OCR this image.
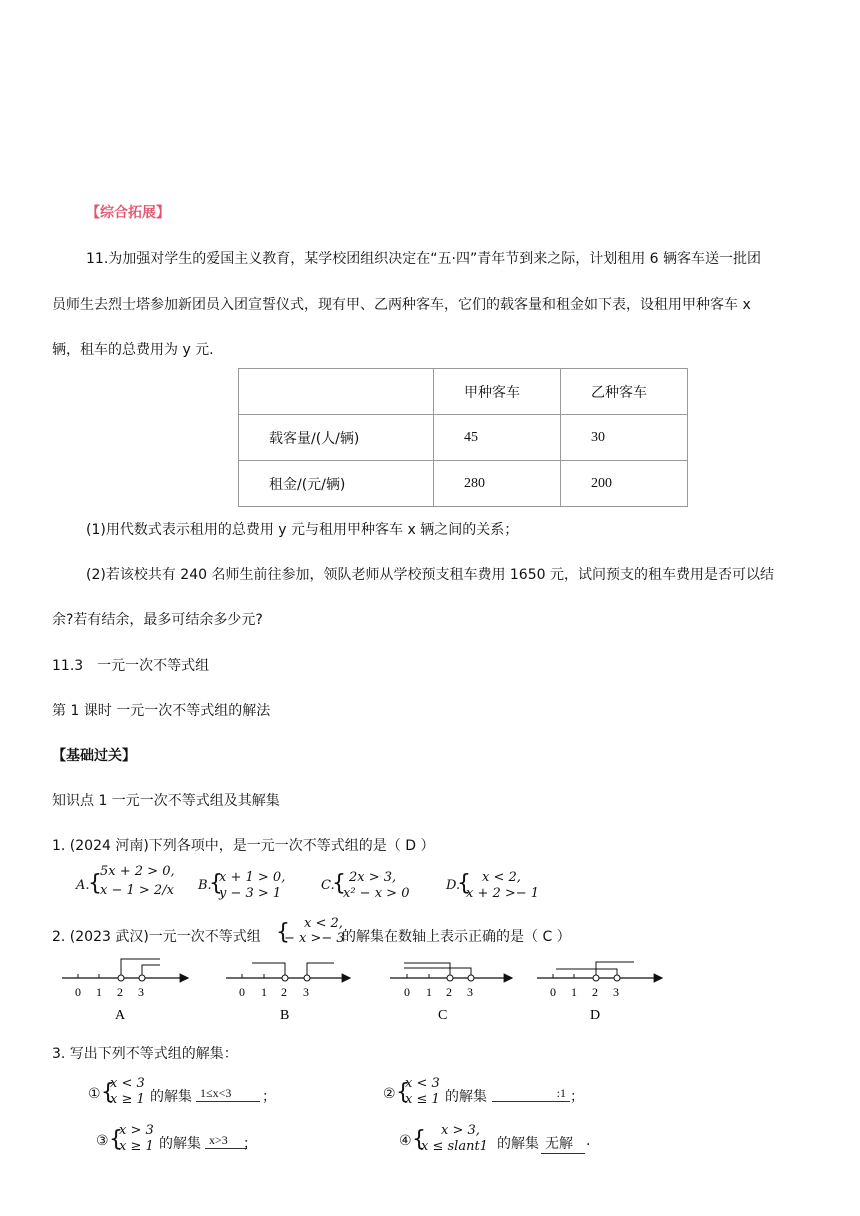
【综合拓展】
11.为加强对学生的爱国主义教育，某学校团组织决定在“五·四”青年节到来之际，计划租用 6 辆客车送一批团
员师生去烈士塔参加新团员入团宣誓仪式，现有甲、乙两种客车，它们的载客量和租金如下表，设租用甲种客车 x
辆，租车的总费用为 y 元.
	甲种客车	乙种客车
载客量/(人/辆)	45	30
租金/(元/辆)	280	200
(1)用代数式表示租用的总费用 y 元与租用甲种客车 x 辆之间的关系；
(2)若该校共有 240 名师生前往参加，领队老师从学校预支租车费用 1650 元，试问预支的租车费用是否可以结
余?若有结余，最多可结余多少元?
11.3　一元一次不等式组
第 1 课时 一元一次不等式组的解法
【基础过关】
知识点 1 一元一次不等式组及其解集
1. (2024 河南)下列各项中，是一元一次不等式组的是（ D ）
A.
{
5x + 2 > 0,
x − 1 > 2/x B.
{
x + 1 > 0,
y − 3 > 1
C.
{ 2x > 3,
x² − x > 0
D.
{ x < 2,
x + 2 >− 1
2. (2023 武汉)一元一次不等式组 { x < 2,
− x >− 3
的解集在数轴上表示正确的是（ C ）
0 1 2 3
A
0 1 2 3
B
0 1 2 3
C
0 1 2 3
D
3. 写出下列不等式组的解集：
① {
x < 3
x ≥ 1 的解集 1≤x<3	；	② {
x < 3
x ≤ 1 的解集	:1 ；
③ {
x > 3
x ≥ 1 的解集 x>3	；	④ { x > 3,
x ≤ slant1 的解集 无解 .
